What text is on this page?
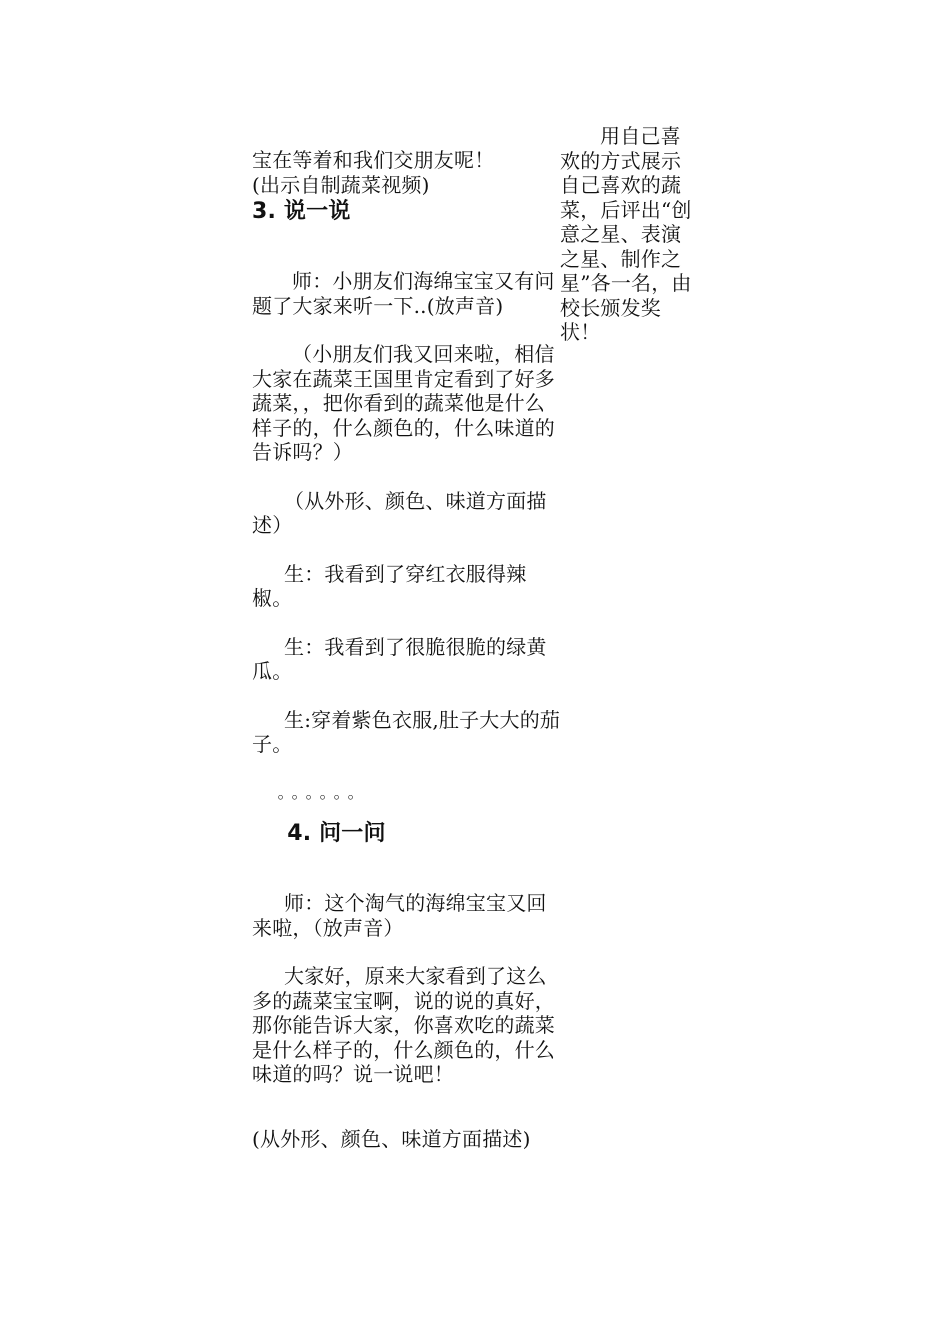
宝在等着和我们交朋友呢！

(出示自制蔬菜视频)

3. 说一说

师：小朋友们海绵宝宝又有问题了大家来听一下..(放声音)

（小朋友们我又回来啦，相信大家在蔬菜王国里肯定看到了好多蔬菜，，把你看到的蔬菜他是什么样子的，什么颜色的，什么味道的告诉吗？）

（从外形、颜色、味道方面描述）

生：我看到了穿红衣服得辣椒。

生：我看到了很脆很脆的绿黄瓜。

生:穿着紫色衣服,肚子大大的茄子。

。。。。。。

4. 问一问

师：这个淘气的海绵宝宝又回来啦，（放声音）

大家好，原来大家看到了这么多的蔬菜宝宝啊，说的说的真好，那你能告诉大家，你喜欢吃的蔬菜是什么样子的，什么颜色的，什么味道的吗？说一说吧！

(从外形、颜色、味道方面描述)

用自己喜欢的方式展示自己喜欢的蔬菜，后评出“创意之星、表演之星、制作之星”各一名，由校长颁发奖状！
